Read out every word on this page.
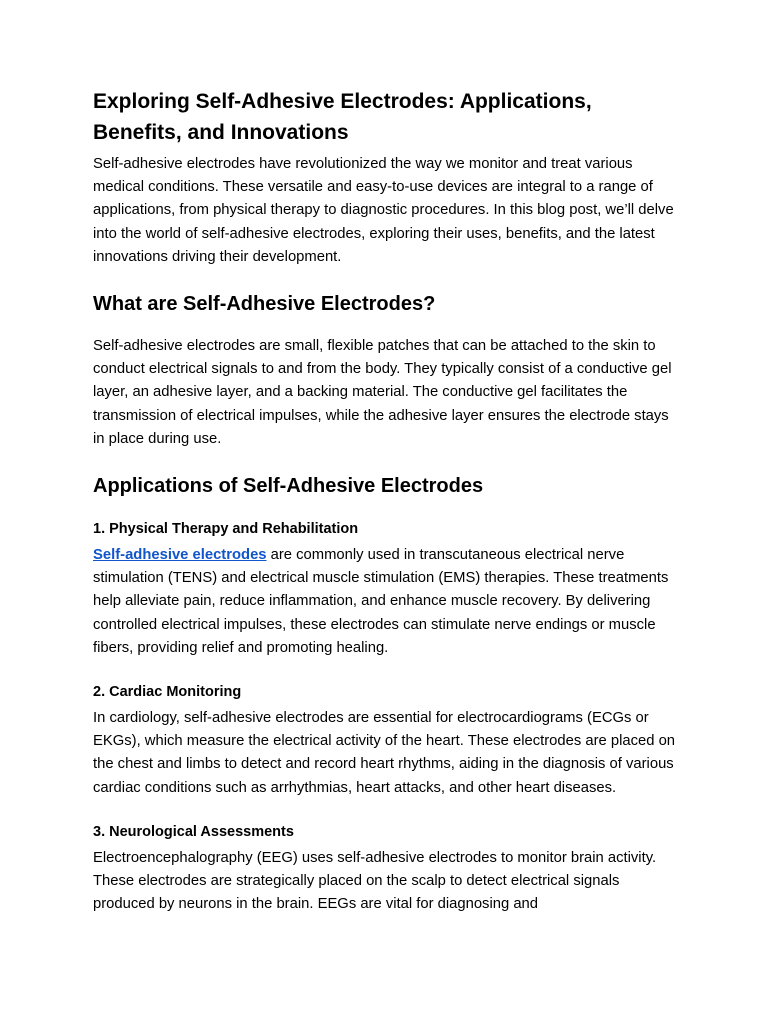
Exploring Self-Adhesive Electrodes: Applications, Benefits, and Innovations

Self-adhesive electrodes have revolutionized the way we monitor and treat various medical conditions. These versatile and easy-to-use devices are integral to a range of applications, from physical therapy to diagnostic procedures. In this blog post, we’ll delve into the world of self-adhesive electrodes, exploring their uses, benefits, and the latest innovations driving their development.

What are Self-Adhesive Electrodes?

Self-adhesive electrodes are small, flexible patches that can be attached to the skin to conduct electrical signals to and from the body. They typically consist of a conductive gel layer, an adhesive layer, and a backing material. The conductive gel facilitates the transmission of electrical impulses, while the adhesive layer ensures the electrode stays in place during use.

Applications of Self-Adhesive Electrodes
1. Physical Therapy and Rehabilitation

Self-adhesive electrodes are commonly used in transcutaneous electrical nerve stimulation (TENS) and electrical muscle stimulation (EMS) therapies. These treatments help alleviate pain, reduce inflammation, and enhance muscle recovery. By delivering controlled electrical impulses, these electrodes can stimulate nerve endings or muscle fibers, providing relief and promoting healing.

2. Cardiac Monitoring

In cardiology, self-adhesive electrodes are essential for electrocardiograms (ECGs or EKGs), which measure the electrical activity of the heart. These electrodes are placed on the chest and limbs to detect and record heart rhythms, aiding in the diagnosis of various cardiac conditions such as arrhythmias, heart attacks, and other heart diseases.

3. Neurological Assessments

Electroencephalography (EEG) uses self-adhesive electrodes to monitor brain activity. These electrodes are strategically placed on the scalp to detect electrical signals produced by neurons in the brain. EEGs are vital for diagnosing and
